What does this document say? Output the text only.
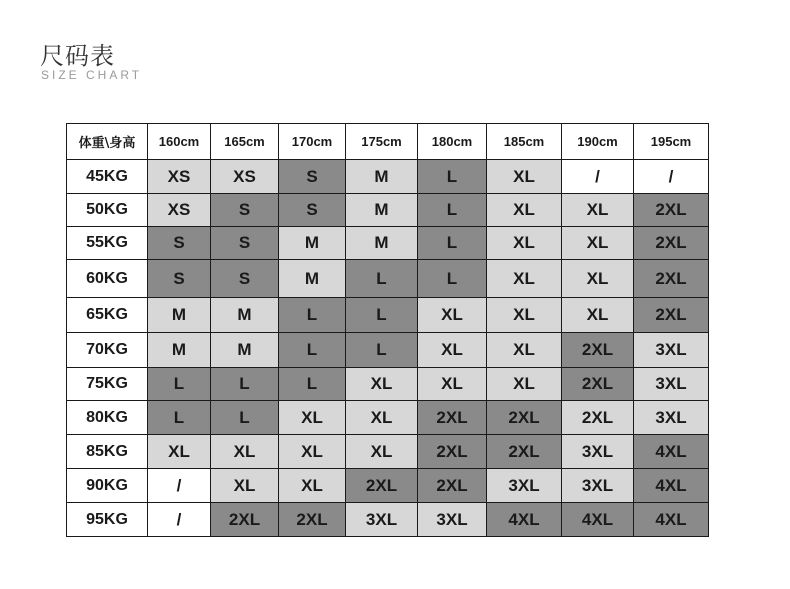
尺码表
SIZE CHART
体重\身高	160cm	165cm	170cm	175cm	180cm	185cm	190cm	195cm
45KG	XS	XS	S	M	L	XL	/	/
50KG	XS	S	S	M	L	XL	XL	2XL
55KG	S	S	M	M	L	XL	XL	2XL
60KG	S	S	M	L	L	XL	XL	2XL
65KG	M	M	L	L	XL	XL	XL	2XL
70KG	M	M	L	L	XL	XL	2XL	3XL
75KG	L	L	L	XL	XL	XL	2XL	3XL
80KG	L	L	XL	XL	2XL	2XL	2XL	3XL
85KG	XL	XL	XL	XL	2XL	2XL	3XL	4XL
90KG	/	XL	XL	2XL	2XL	3XL	3XL	4XL
95KG	/	2XL	2XL	3XL	3XL	4XL	4XL	4XL
